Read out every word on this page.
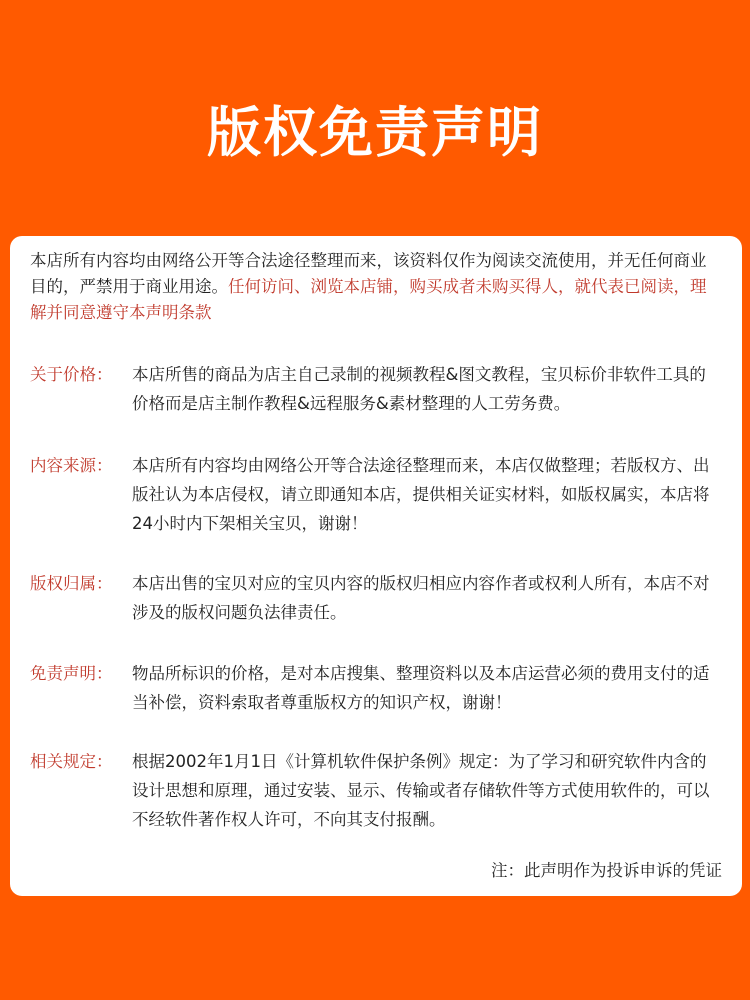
版权免责声明
本店所有内容均由网络公开等合法途径整理而来，该资料仅作为阅读交流使用，并无任何商业目的，严禁用于商业用途。任何访问、浏览本店铺，购买成者未购买得人，就代表已阅读，理解并同意遵守本声明条款
关于价格：	本店所售的商品为店主自己录制的视频教程&图文教程，宝贝标价非软件工具的价格而是店主制作教程&远程服务&素材整理的人工劳务费。
内容来源：	本店所有内容均由网络公开等合法途径整理而来，本店仅做整理；若版权方、出版社认为本店侵权，请立即通知本店，提供相关证实材料，如版权属实，本店将24小时内下架相关宝贝，谢谢！
版权归属：	本店出售的宝贝对应的宝贝内容的版权归相应内容作者或权利人所有，本店不对涉及的版权问题负法律责任。
免责声明：	物品所标识的价格，是对本店搜集、整理资料以及本店运营必须的费用支付的适当补偿，资料索取者尊重版权方的知识产权，谢谢！
相关规定：	根据2002年1月1日《计算机软件保护条例》规定：为了学习和研究软件内含的设计思想和原理，通过安装、显示、传输或者存储软件等方式使用软件的，可以不经软件著作权人许可，不向其支付报酬。
注：此声明作为投诉申诉的凭证
